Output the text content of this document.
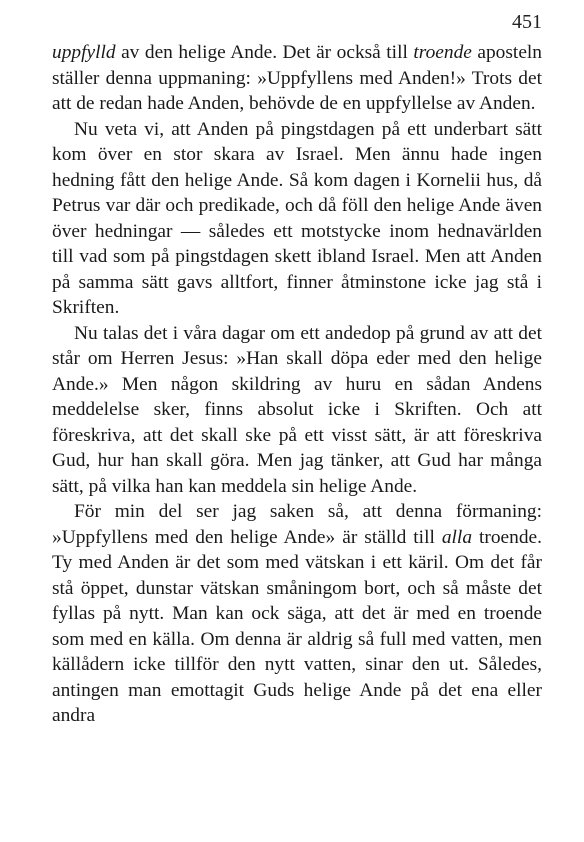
451

uppfylld av den helige Ande. Det är också till troende aposteln ställer denna uppmaning: »Uppfyllens med Anden!» Trots det att de redan hade Anden, behövde de en uppfyllelse av Anden.

Nu veta vi, att Anden på pingstdagen på ett underbart sätt kom över en stor skara av Israel. Men ännu hade ingen hedning fått den helige Ande. Så kom dagen i Kornelii hus, då Petrus var där och predikade, och då föll den helige Ande även över hedningar — således ett motstycke inom hednavärlden till vad som på pingstdagen skett ibland Israel. Men att Anden på samma sätt gavs alltfort, finner åtminstone icke jag stå i Skriften.

Nu talas det i våra dagar om ett andedop på grund av att det står om Herren Jesus: »Han skall döpa eder med den helige Ande.» Men någon skildring av huru en sådan Andens meddelelse sker, finns absolut icke i Skriften. Och att föreskriva, att det skall ske på ett visst sätt, är att föreskriva Gud, hur han skall göra. Men jag tänker, att Gud har många sätt, på vilka han kan meddela sin helige Ande.

För min del ser jag saken så, att denna förmaning: »Uppfyllens med den helige Ande» är ställd till alla troende. Ty med Anden är det som med vätskan i ett käril. Om det får stå öppet, dunstar vätskan småningom bort, och så måste det fyllas på nytt. Man kan ock säga, att det är med en troende som med en källa. Om denna är aldrig så full med vatten, men källådern icke tillför den nytt vatten, sinar den ut. Således, antingen man emottagit Guds helige Ande på det ena eller andra
